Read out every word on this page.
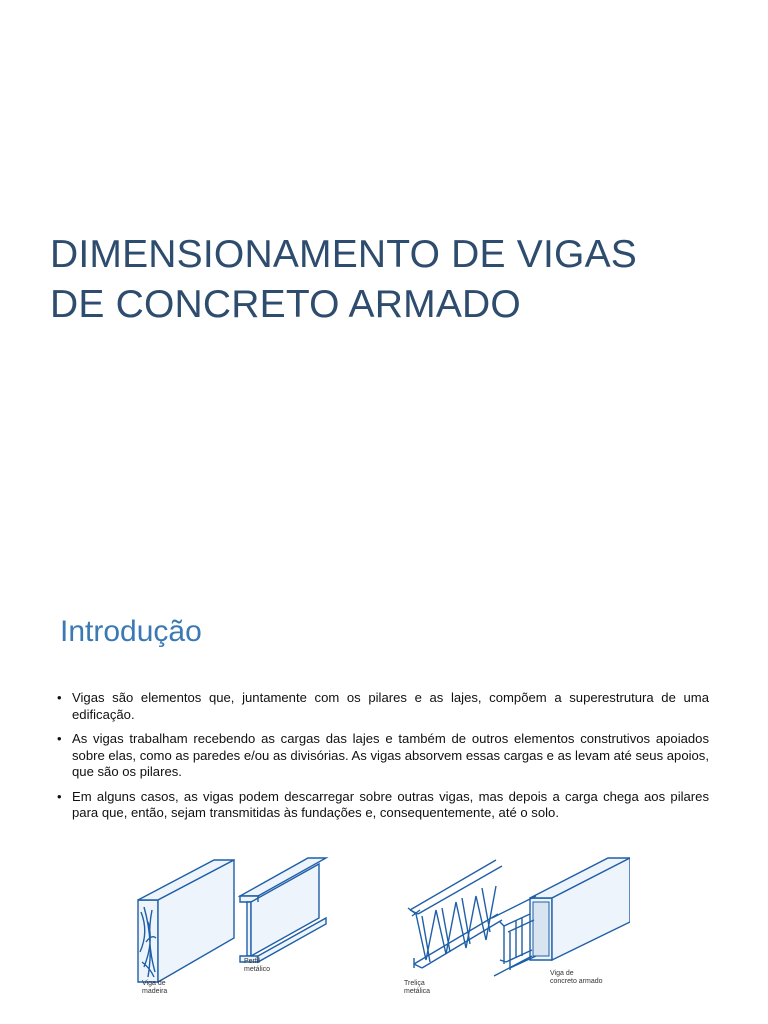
DIMENSIONAMENTO DE VIGAS
DE CONCRETO ARMADO
Introdução
• Vigas são elementos que, juntamente com os pilares e as lajes, compõem a superestrutura de uma edificação.
• As vigas trabalham recebendo as cargas das lajes e também de outros elementos construtivos apoiados sobre elas, como as paredes e/ou as divisórias. As vigas absorvem essas cargas e as levam até seus apoios, que são os pilares.
• Em alguns casos, as vigas podem descarregar sobre outras vigas, mas depois a carga chega aos pilares para que, então, sejam transmitidas às fundações e, consequentemente, até o solo.
Viga de
madeira
Perfil
metálico
Treliça
metálica
Viga de
concreto armado
